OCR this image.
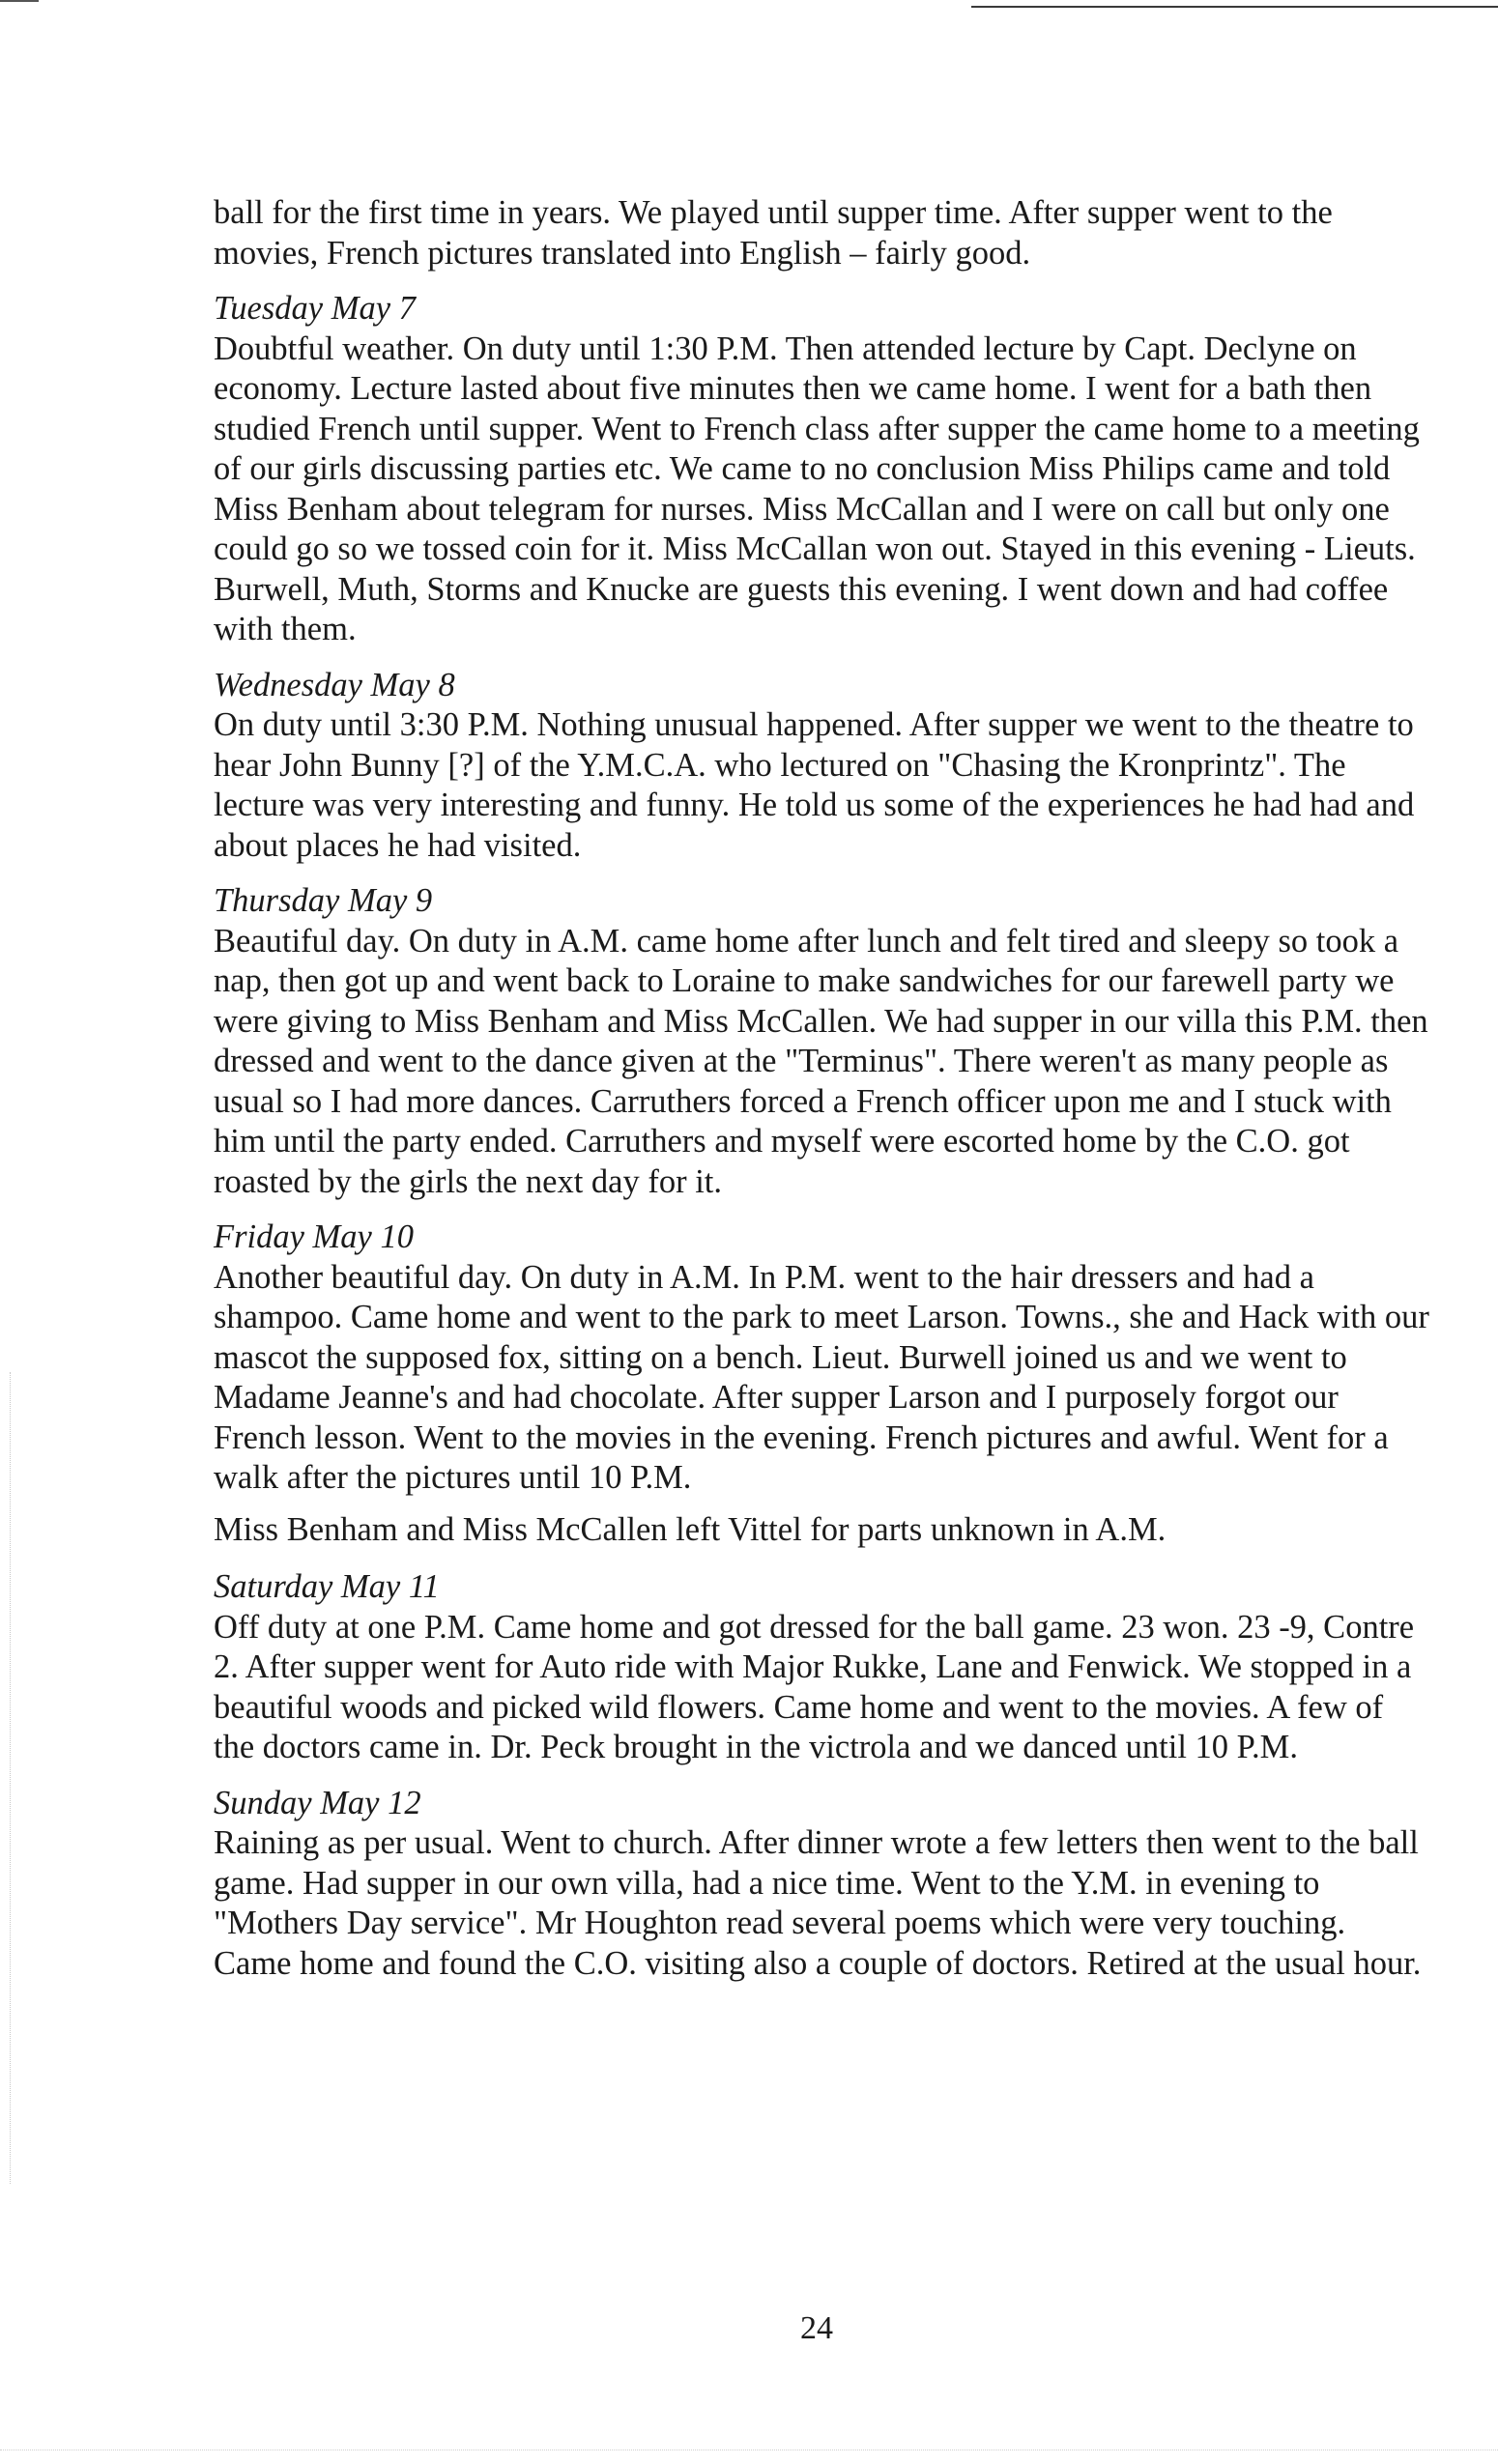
ball for the first time in years. We played until supper time. After supper went to the movies, French pictures translated into English – fairly good.

Tuesday May 7

Doubtful weather. On duty until 1:30 P.M. Then attended lecture by Capt. Declyne on economy. Lecture lasted about five minutes then we came home. I went for a bath then studied French until supper. Went to French class after supper the came home to a meeting of our girls discussing parties etc. We came to no conclusion Miss Philips came and told Miss Benham about telegram for nurses. Miss McCallan and I were on call but only one could go so we tossed coin for it. Miss McCallan won out. Stayed in this evening - Lieuts. Burwell, Muth, Storms and Knucke are guests this evening. I went down and had coffee with them.

Wednesday May 8

On duty until 3:30 P.M. Nothing unusual happened. After supper we went to the theatre to hear John Bunny [?] of the Y.M.C.A. who lectured on "Chasing the Kronprintz". The lecture was very interesting and funny. He told us some of the experiences he had had and about places he had visited.

Thursday May 9

Beautiful day. On duty in A.M. came home after lunch and felt tired and sleepy so took a nap, then got up and went back to Loraine to make sandwiches for our farewell party we were giving to Miss Benham and Miss McCallen. We had supper in our villa this P.M. then dressed and went to the dance given at the "Terminus". There weren't as many people as usual so I had more dances. Carruthers forced a French officer upon me and I stuck with him until the party ended. Carruthers and myself were escorted home by the C.O. got roasted by the girls the next day for it.

Friday May 10

Another beautiful day. On duty in A.M. In P.M. went to the hair dressers and had a shampoo. Came home and went to the park to meet Larson. Towns., she and Hack with our mascot the supposed fox, sitting on a bench. Lieut. Burwell joined us and we went to Madame Jeanne's and had chocolate. After supper Larson and I purposely forgot our French lesson. Went to the movies in the evening. French pictures and awful. Went for a walk after the pictures until 10 P.M.

Miss Benham and Miss McCallen left Vittel for parts unknown in A.M.

Saturday May 11

Off duty at one P.M. Came home and got dressed for the ball game. 23 won. 23 -9, Contre 2. After supper went for Auto ride with Major Rukke, Lane and Fenwick. We stopped in a beautiful woods and picked wild flowers. Came home and went to the movies. A few of the doctors came in. Dr. Peck brought in the victrola and we danced until 10 P.M.

Sunday May 12

Raining as per usual. Went to church. After dinner wrote a few letters then went to the ball game. Had supper in our own villa, had a nice time. Went to the Y.M. in evening to "Mothers Day service". Mr Houghton read several poems which were very touching. Came home and found the C.O. visiting also a couple of doctors. Retired at the usual hour.

24
